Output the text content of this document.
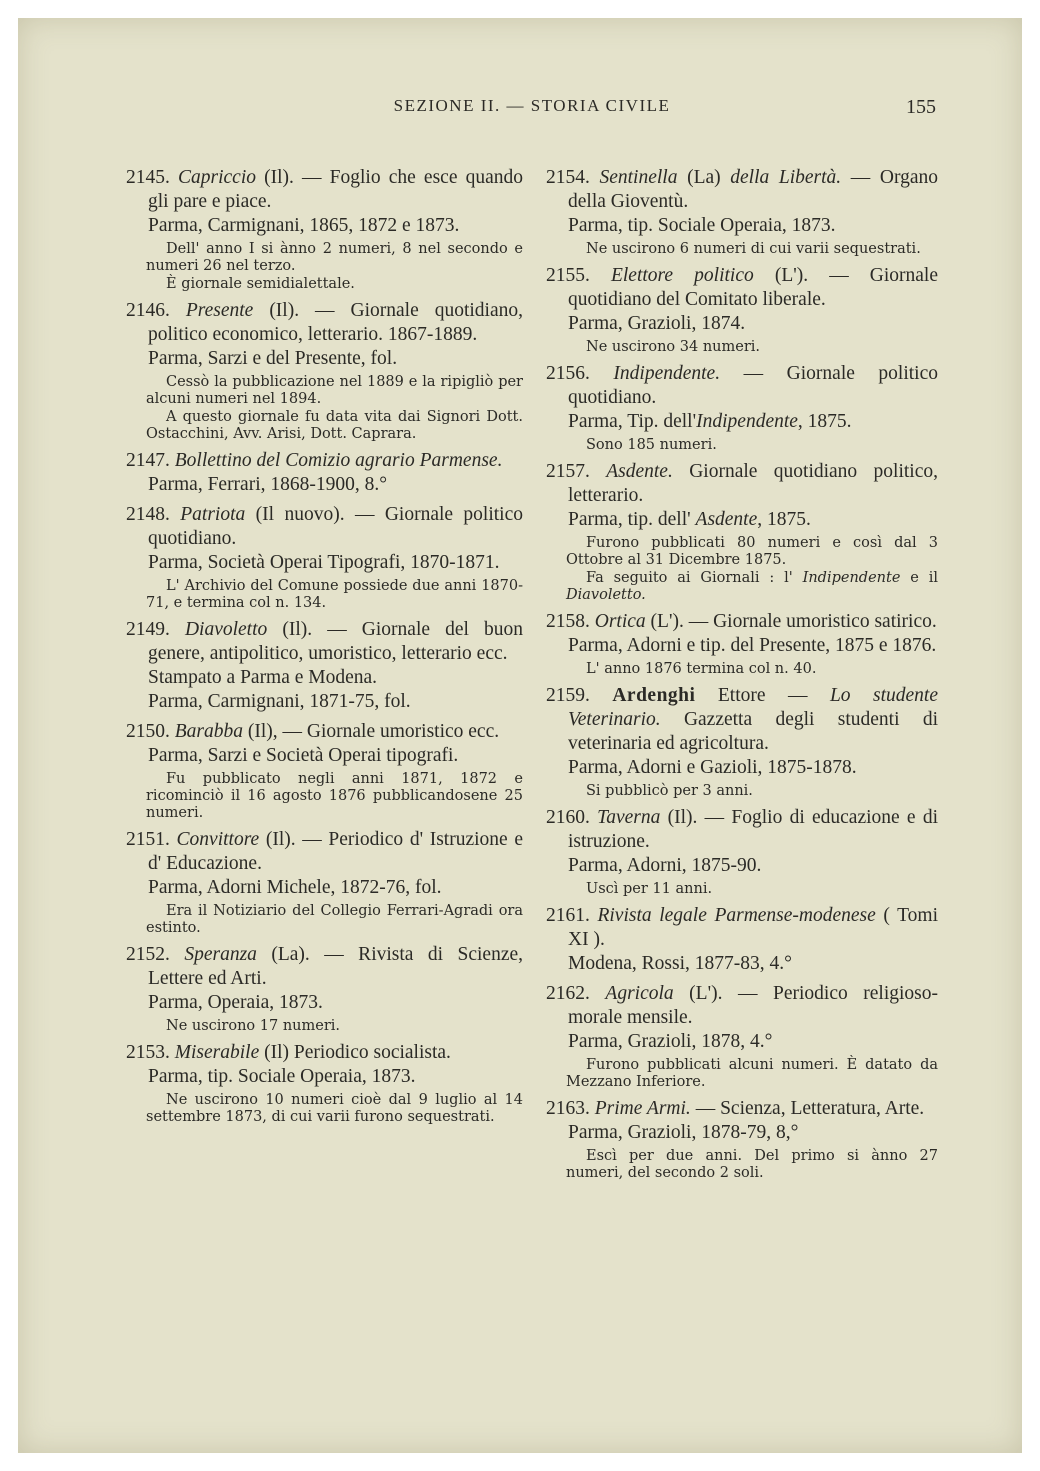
SEZIONE II. — STORIA CIVILE	155
2145. Capriccio (Il). — Foglio che esce quando gli pare e piace.
Parma, Carmignani, 1865, 1872 e 1873.
Dell' anno I si ànno 2 numeri, 8 nel secondo e numeri 26 nel terzo.
È giornale semidialettale.
2146. Presente (Il). — Giornale quotidiano, politico economico, letterario. 1867-1889.
Parma, Sarzi e del Presente, fol.
Cessò la pubblicazione nel 1889 e la ripigliò per alcuni numeri nel 1894.
A questo giornale fu data vita dai Signori Dott. Ostacchini, Avv. Arisi, Dott. Caprara.
2147. Bollettino del Comizio agrario Parmense.
Parma, Ferrari, 1868-1900, 8.°
2148. Patriota (Il nuovo). — Giornale politico quotidiano.
Parma, Società Operai Tipografi, 1870-1871.
L' Archivio del Comune possiede due anni 1870-71, e termina col n. 134.
2149. Diavoletto (Il). — Giornale del buon genere, antipolitico, umoristico, letterario ecc.
Stampato a Parma e Modena.
Parma, Carmignani, 1871-75, fol.
2150. Barabba (Il), — Giornale umoristico ecc.
Parma, Sarzi e Società Operai tipografi.
Fu pubblicato negli anni 1871, 1872 e ricominciò il 16 agosto 1876 pubblicandosene 25 numeri.
2151. Convittore (Il). — Periodico d' Istruzione e d' Educazione.
Parma, Adorni Michele, 1872-76, fol.
Era il Notiziario del Collegio Ferrari-Agradi ora estinto.
2152. Speranza (La). — Rivista di Scienze, Lettere ed Arti.
Parma, Operaia, 1873.
Ne uscirono 17 numeri.
2153. Miserabile (Il) Periodico socialista.
Parma, tip. Sociale Operaia, 1873.
Ne uscirono 10 numeri cioè dal 9 luglio al 14 settembre 1873, di cui varii furono sequestrati.
2154. Sentinella (La) della Libertà. — Organo della Gioventù.
Parma, tip. Sociale Operaia, 1873.
Ne uscirono 6 numeri di cui varii sequestrati.
2155. Elettore politico (L'). — Giornale quotidiano del Comitato liberale.
Parma, Grazioli, 1874.
Ne uscirono 34 numeri.
2156. Indipendente. — Giornale politico quotidiano.
Parma, Tip. dell'Indipendente, 1875.
Sono 185 numeri.
2157. Asdente. Giornale quotidiano politico, letterario.
Parma, tip. dell' Asdente, 1875.
Furono pubblicati 80 numeri e così dal 3 Ottobre al 31 Dicembre 1875.
Fa seguito ai Giornali : l' Indipendente e il Diavoletto.
2158. Ortica (L'). — Giornale umoristico satirico.
Parma, Adorni e tip. del Presente, 1875 e 1876.
L' anno 1876 termina col n. 40.
2159. Ardenghi Ettore — Lo studente Veterinario. Gazzetta degli studenti di veterinaria ed agricoltura.
Parma, Adorni e Gazioli, 1875-1878.
Si pubblicò per 3 anni.
2160. Taverna (Il). — Foglio di educazione e di istruzione.
Parma, Adorni, 1875-90.
Uscì per 11 anni.
2161. Rivista legale Parmense-modenese ( Tomi XI ).
Modena, Rossi, 1877-83, 4.°
2162. Agricola (L'). — Periodico religioso-morale mensile.
Parma, Grazioli, 1878, 4.°
Furono pubblicati alcuni numeri. È datato da Mezzano Inferiore.
2163. Prime Armi. — Scienza, Letteratura, Arte.
Parma, Grazioli, 1878-79, 8,°
Escì per due anni. Del primo si ànno 27 numeri, del secondo 2 soli.
